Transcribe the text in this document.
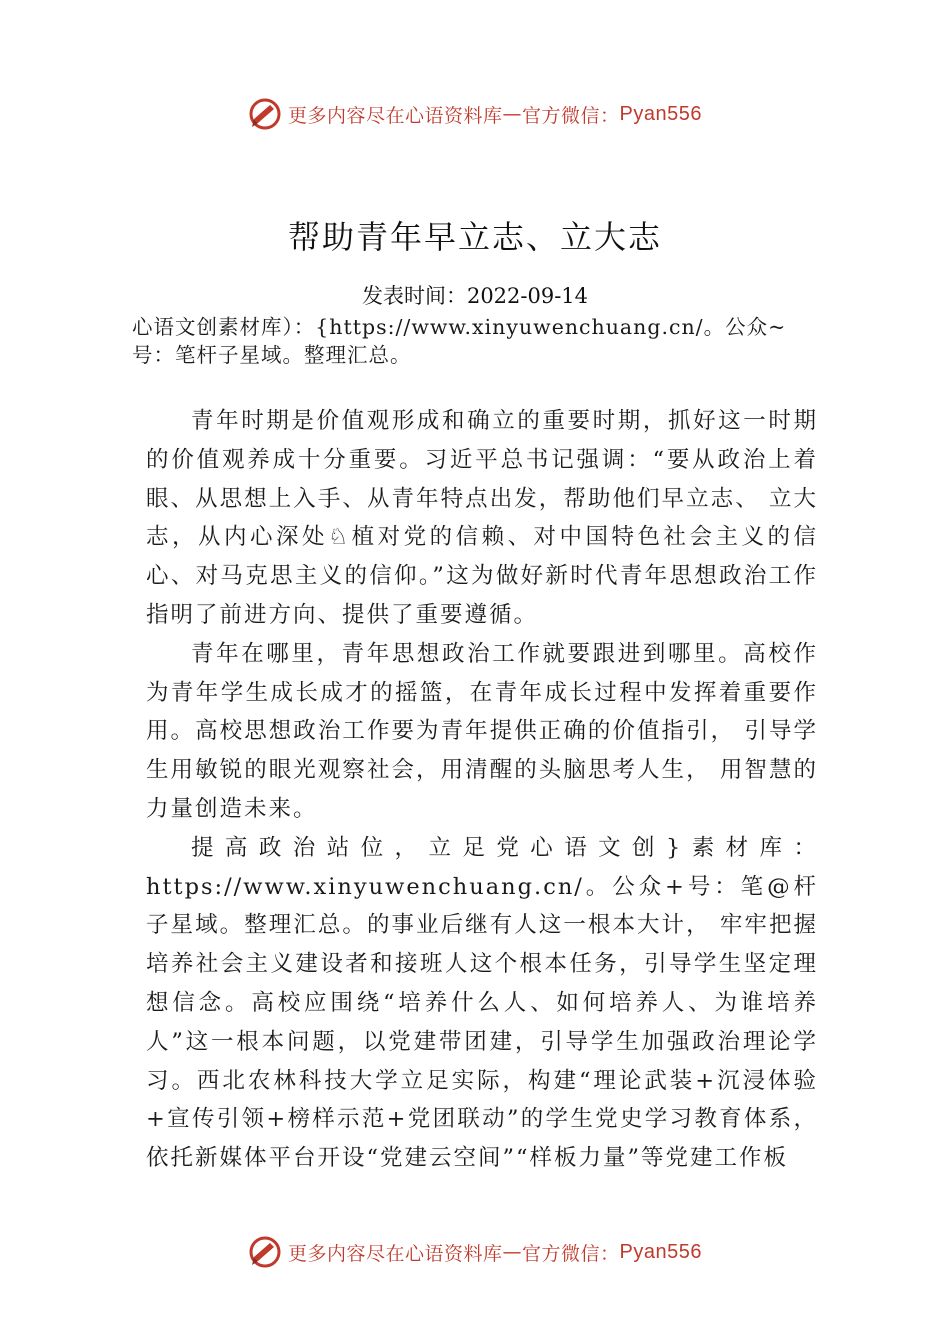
更多内容尽在心语资料库 — 官方微信： Pyan556
帮助青年早立志、立大志
发表时间：2022-09-14
心语文创素材库）：{https://www.xinyuwenchuang.cn/。公众~号：笔杆子星域。整理汇总。

青年时期是价值观形成和确立的重要时期，抓好这一时期的价值观养成十分重要。习近平总书记强调：“要从政治上着眼、从思想上入手、从青年特点出发，帮助他们早立志、 立大志，从内心深处♘植对党的信赖、对中国特色社会主义的信心、对马克思主义的信仰。”这为做好新时代青年思想政治工作指明了前进方向、提供了重要遵循。

青年在哪里，青年思想政治工作就要跟进到哪里。高校作为青年学生成长成才的摇篮，在青年成长过程中发挥着重要作用。高校思想政治工作要为青年提供正确的价值指引， 引导学生用敏锐的眼光观察社会，用清醒的头脑思考人生， 用智慧的力量创造未来。

提高政治站位，立足党心语文创}素材库：https://www.xinyuwenchuang.cn/。公众+号：笔@杆子星域。整理汇总。的事业后继有人这一根本大计， 牢牢把握培养社会主义建设者和接班人这个根本任务，引导学生坚定理想信念。高校应围绕“培养什么人、如何培养人、为谁培养人”这一根本问题，以党建带团建，引导学生加强政治理论学习。西北农林科技大学立足实际，构建“理论武装+沉浸体验+宣传引领+榜样示范+党团联动”的学生党史学习教育体系，依托新媒体平台开设“党建云空间”“样板力量”等党建工作板

更多内容尽在心语资料库 — 官方微信： Pyan556
